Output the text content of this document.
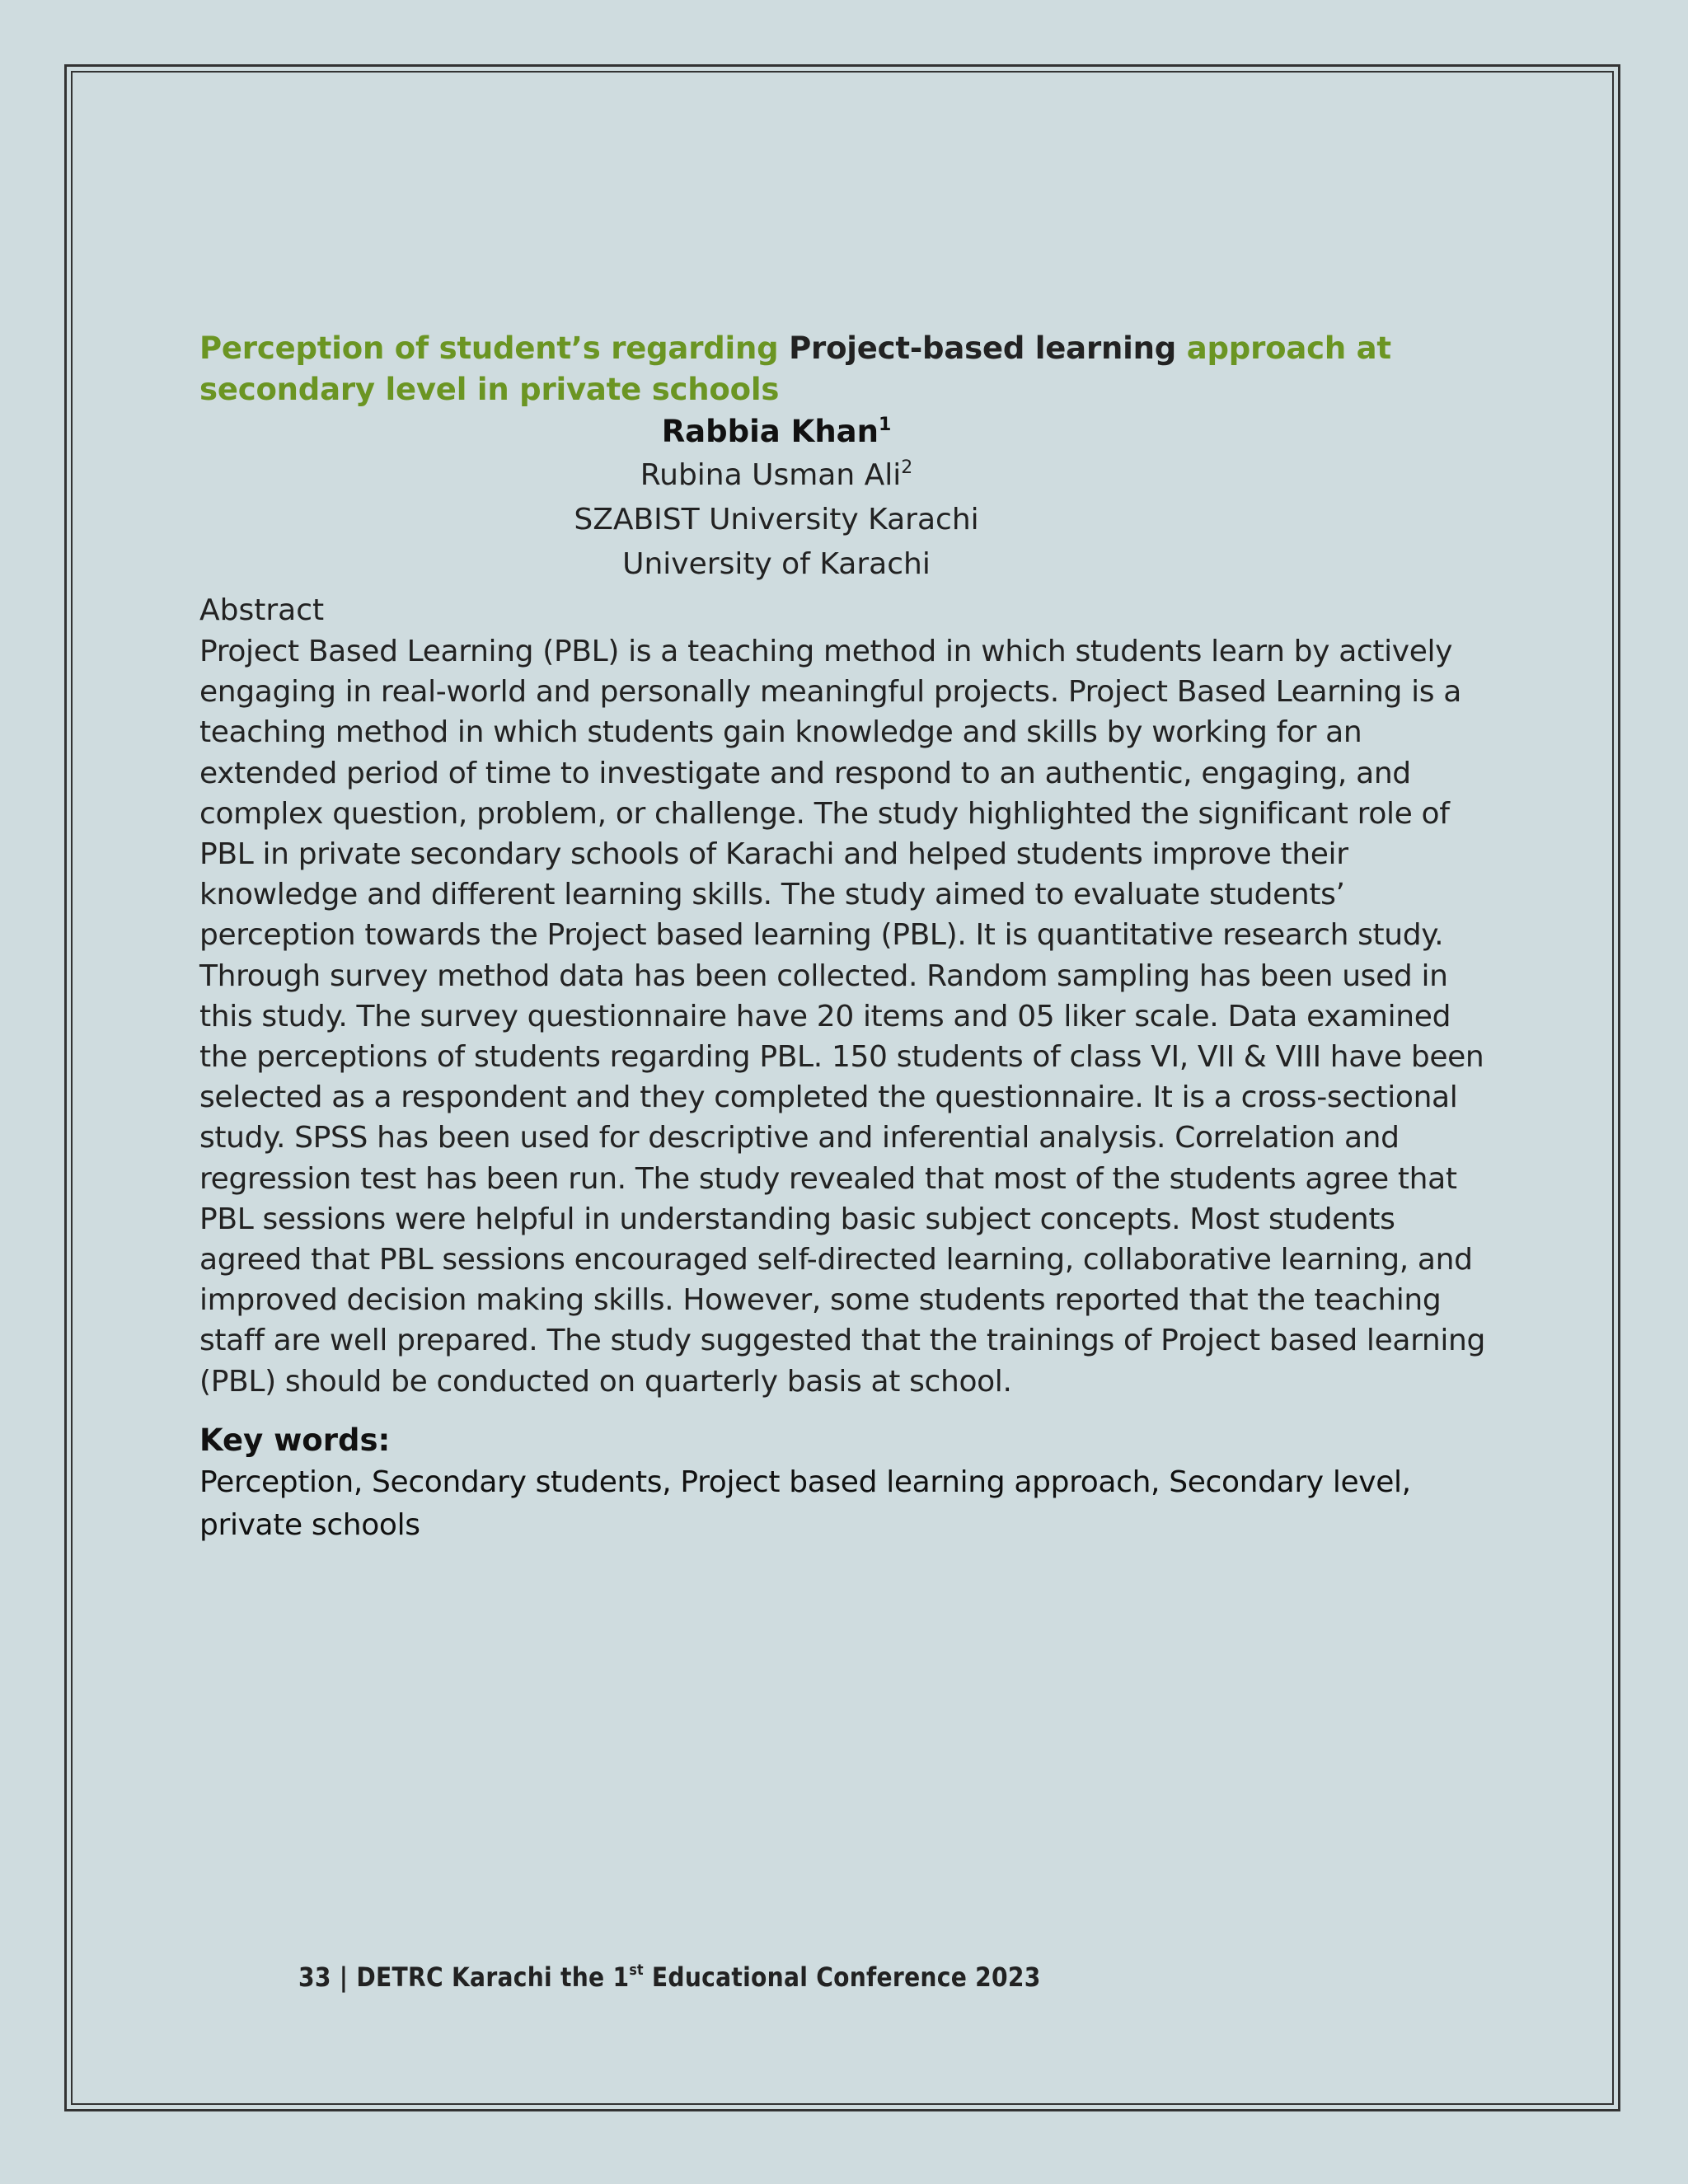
Perception of student’s regarding Project-based learning approach at secondary level in private schools
Rabbia Khan$^1$
Rubina Usman Ali$^2$
SZABIST University Karachi
University of Karachi
Abstract

Project Based Learning (PBL) is a teaching method in which students learn by actively engaging in real-world and personally meaningful projects. Project Based Learning is a teaching method in which students gain knowledge and skills by working for an extended period of time to investigate and respond to an authentic, engaging, and complex question, problem, or challenge. The study highlighted the significant role of PBL in private secondary schools of Karachi and helped students improve their knowledge and different learning skills. The study aimed to evaluate students’ perception towards the Project based learning (PBL). It is quantitative research study. Through survey method data has been collected. Random sampling has been used in this study. The survey questionnaire have 20 items and 05 liker scale. Data examined the perceptions of students regarding PBL. 150 students of class VI, VII & VIII have been selected as a respondent and they completed the questionnaire. It is a cross-sectional study. SPSS has been used for descriptive and inferential analysis. Correlation and regression test has been run. The study revealed that most of the students agree that PBL sessions were helpful in understanding basic subject concepts. Most students agreed that PBL sessions encouraged self-directed learning, collaborative learning, and improved decision making skills. However, some students reported that the teaching staff are well prepared. The study suggested that the trainings of Project based learning (PBL) should be conducted on quarterly basis at school.

Key words:
Perception, Secondary students, Project based learning approach, Secondary level, private schools
33 | DETRC Karachi the 1st Educational Conference 2023
